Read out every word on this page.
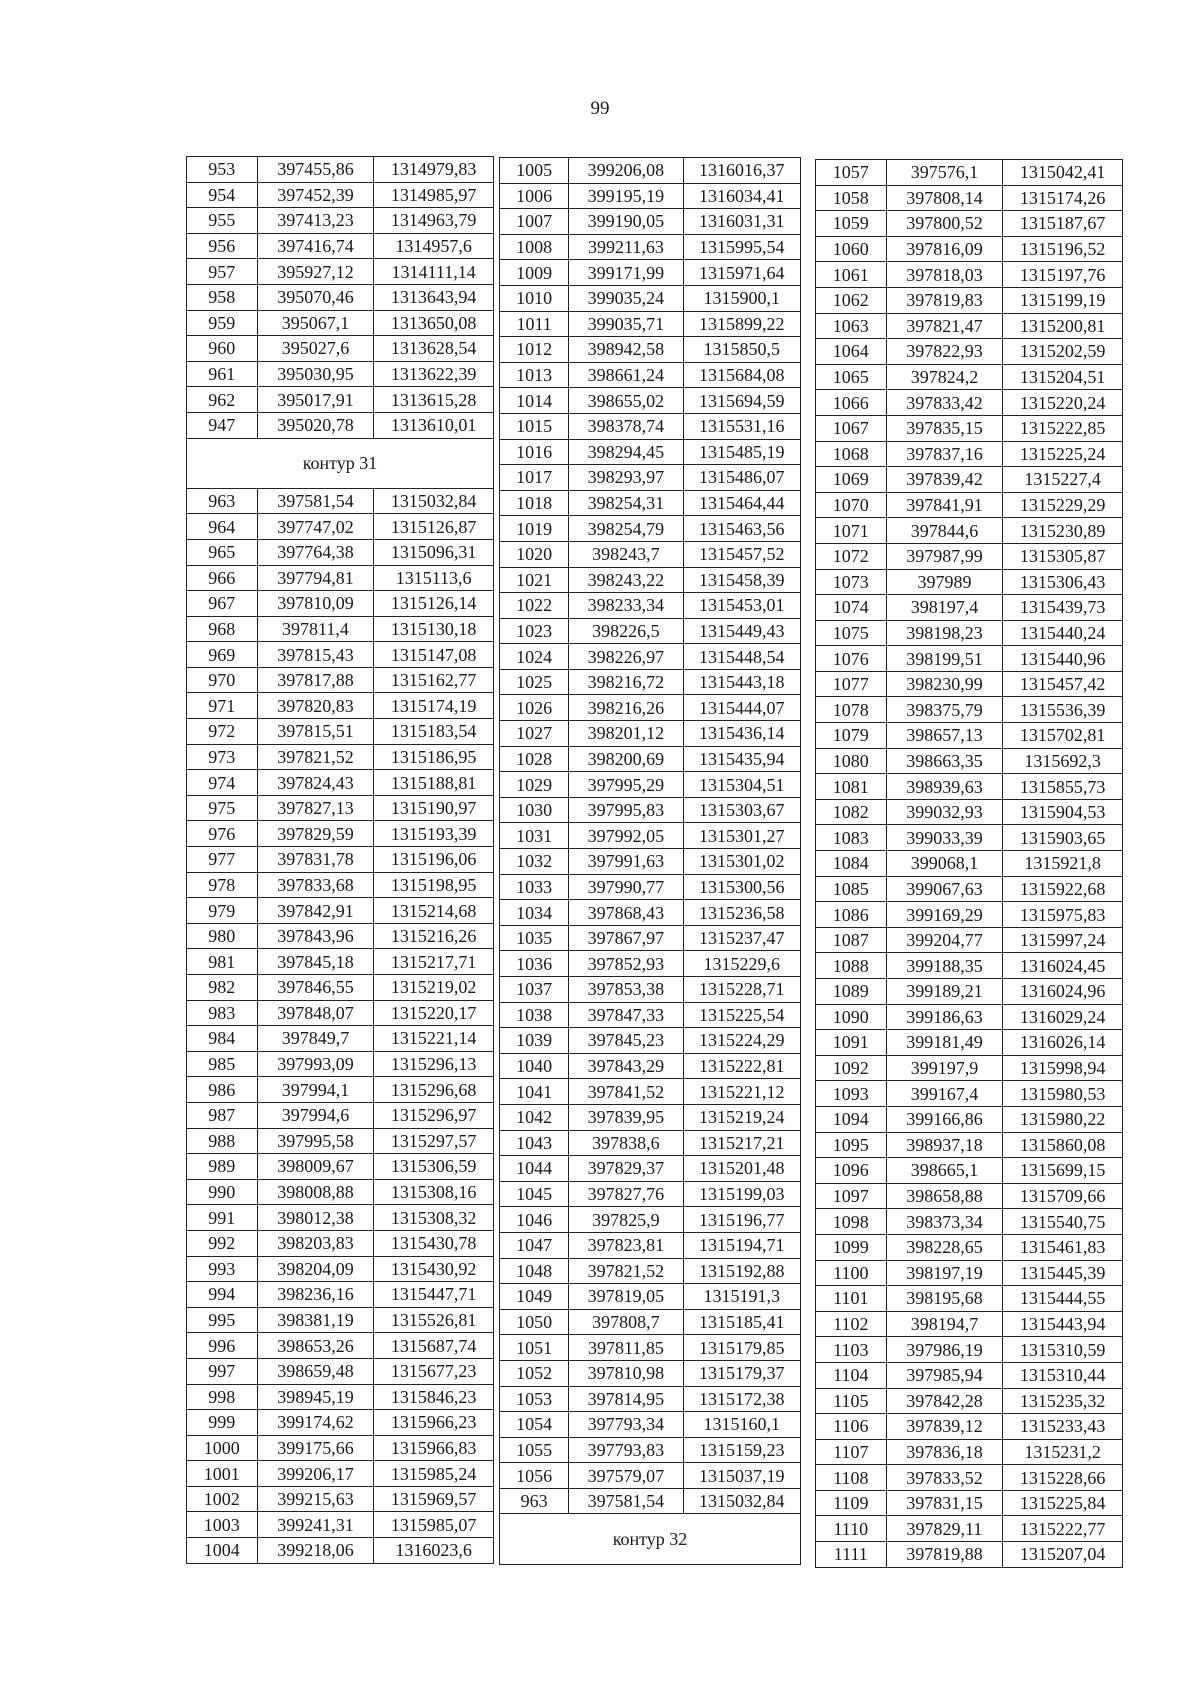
99
953	397455,86	1314979,83
954	397452,39	1314985,97
955	397413,23	1314963,79
956	397416,74	1314957,6
957	395927,12	1314111,14
958	395070,46	1313643,94
959	395067,1	1313650,08
960	395027,6	1313628,54
961	395030,95	1313622,39
962	395017,91	1313615,28
947	395020,78	1313610,01
контур 31		
963	397581,54	1315032,84
964	397747,02	1315126,87
965	397764,38	1315096,31
966	397794,81	1315113,6
967	397810,09	1315126,14
968	397811,4	1315130,18
969	397815,43	1315147,08
970	397817,88	1315162,77
971	397820,83	1315174,19
972	397815,51	1315183,54
973	397821,52	1315186,95
974	397824,43	1315188,81
975	397827,13	1315190,97
976	397829,59	1315193,39
977	397831,78	1315196,06
978	397833,68	1315198,95
979	397842,91	1315214,68
980	397843,96	1315216,26
981	397845,18	1315217,71
982	397846,55	1315219,02
983	397848,07	1315220,17
984	397849,7	1315221,14
985	397993,09	1315296,13
986	397994,1	1315296,68
987	397994,6	1315296,97
988	397995,58	1315297,57
989	398009,67	1315306,59
990	398008,88	1315308,16
991	398012,38	1315308,32
992	398203,83	1315430,78
993	398204,09	1315430,92
994	398236,16	1315447,71
995	398381,19	1315526,81
996	398653,26	1315687,74
997	398659,48	1315677,23
998	398945,19	1315846,23
999	399174,62	1315966,23
1000	399175,66	1315966,83
1001	399206,17	1315985,24
1002	399215,63	1315969,57
1003	399241,31	1315985,07
1004	399218,06	1316023,6
1005	399206,08	1316016,37
1006	399195,19	1316034,41
1007	399190,05	1316031,31
1008	399211,63	1315995,54
1009	399171,99	1315971,64
1010	399035,24	1315900,1
1011	399035,71	1315899,22
1012	398942,58	1315850,5
1013	398661,24	1315684,08
1014	398655,02	1315694,59
1015	398378,74	1315531,16
1016	398294,45	1315485,19
1017	398293,97	1315486,07
1018	398254,31	1315464,44
1019	398254,79	1315463,56
1020	398243,7	1315457,52
1021	398243,22	1315458,39
1022	398233,34	1315453,01
1023	398226,5	1315449,43
1024	398226,97	1315448,54
1025	398216,72	1315443,18
1026	398216,26	1315444,07
1027	398201,12	1315436,14
1028	398200,69	1315435,94
1029	397995,29	1315304,51
1030	397995,83	1315303,67
1031	397992,05	1315301,27
1032	397991,63	1315301,02
1033	397990,77	1315300,56
1034	397868,43	1315236,58
1035	397867,97	1315237,47
1036	397852,93	1315229,6
1037	397853,38	1315228,71
1038	397847,33	1315225,54
1039	397845,23	1315224,29
1040	397843,29	1315222,81
1041	397841,52	1315221,12
1042	397839,95	1315219,24
1043	397838,6	1315217,21
1044	397829,37	1315201,48
1045	397827,76	1315199,03
1046	397825,9	1315196,77
1047	397823,81	1315194,71
1048	397821,52	1315192,88
1049	397819,05	1315191,3
1050	397808,7	1315185,41
1051	397811,85	1315179,85
1052	397810,98	1315179,37
1053	397814,95	1315172,38
1054	397793,34	1315160,1
1055	397793,83	1315159,23
1056	397579,07	1315037,19
963	397581,54	1315032,84
контур 32		
1057	397576,1	1315042,41
1058	397808,14	1315174,26
1059	397800,52	1315187,67
1060	397816,09	1315196,52
1061	397818,03	1315197,76
1062	397819,83	1315199,19
1063	397821,47	1315200,81
1064	397822,93	1315202,59
1065	397824,2	1315204,51
1066	397833,42	1315220,24
1067	397835,15	1315222,85
1068	397837,16	1315225,24
1069	397839,42	1315227,4
1070	397841,91	1315229,29
1071	397844,6	1315230,89
1072	397987,99	1315305,87
1073	397989	1315306,43
1074	398197,4	1315439,73
1075	398198,23	1315440,24
1076	398199,51	1315440,96
1077	398230,99	1315457,42
1078	398375,79	1315536,39
1079	398657,13	1315702,81
1080	398663,35	1315692,3
1081	398939,63	1315855,73
1082	399032,93	1315904,53
1083	399033,39	1315903,65
1084	399068,1	1315921,8
1085	399067,63	1315922,68
1086	399169,29	1315975,83
1087	399204,77	1315997,24
1088	399188,35	1316024,45
1089	399189,21	1316024,96
1090	399186,63	1316029,24
1091	399181,49	1316026,14
1092	399197,9	1315998,94
1093	399167,4	1315980,53
1094	399166,86	1315980,22
1095	398937,18	1315860,08
1096	398665,1	1315699,15
1097	398658,88	1315709,66
1098	398373,34	1315540,75
1099	398228,65	1315461,83
1100	398197,19	1315445,39
1101	398195,68	1315444,55
1102	398194,7	1315443,94
1103	397986,19	1315310,59
1104	397985,94	1315310,44
1105	397842,28	1315235,32
1106	397839,12	1315233,43
1107	397836,18	1315231,2
1108	397833,52	1315228,66
1109	397831,15	1315225,84
1110	397829,11	1315222,77
1111	397819,88	1315207,04
